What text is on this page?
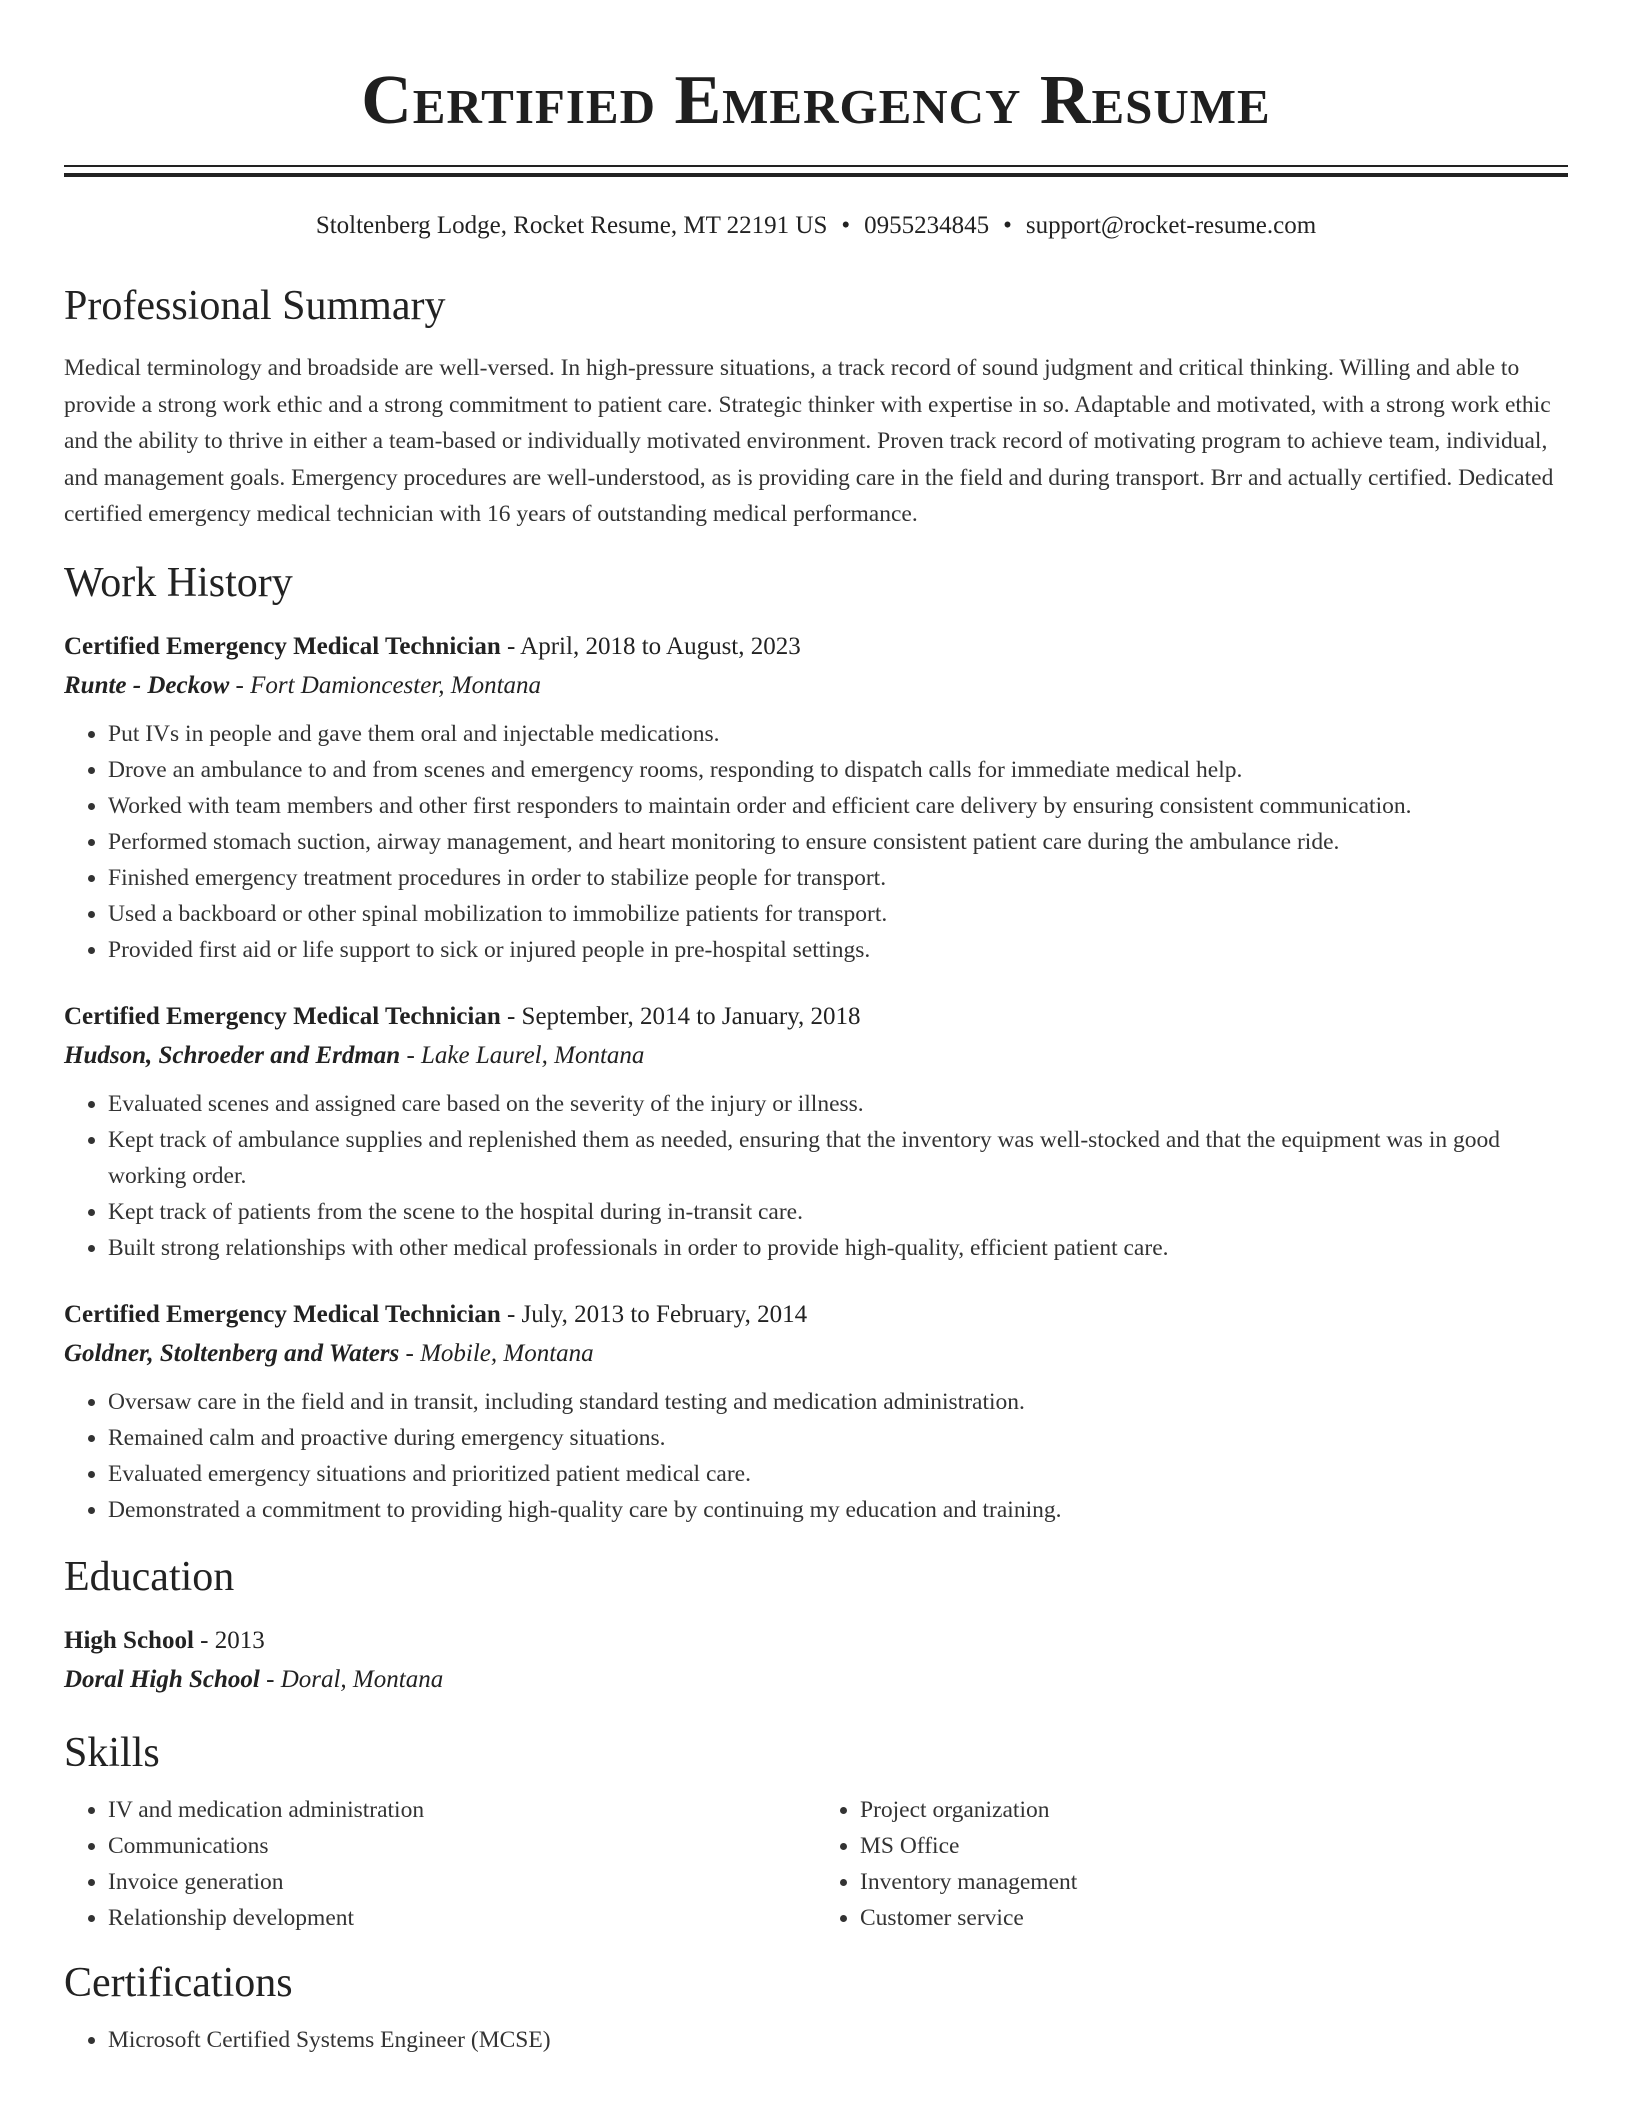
Certified Emergency Resume
Stoltenberg Lodge, Rocket Resume, MT 22191 US • 0955234845 • support@rocket-resume.com
Professional Summary
Medical terminology and broadside are well-versed. In high-pressure situations, a track record of sound judgment and critical thinking. Willing and able to provide a strong work ethic and a strong commitment to patient care. Strategic thinker with expertise in so. Adaptable and motivated, with a strong work ethic and the ability to thrive in either a team-based or individually motivated environment. Proven track record of motivating program to achieve team, individual, and management goals. Emergency procedures are well-understood, as is providing care in the field and during transport. Brr and actually certified. Dedicated certified emergency medical technician with 16 years of outstanding medical performance.
Work History
Certified Emergency Medical Technician - April, 2018 to August, 2023
Runte - Deckow - Fort Damioncester, Montana
• Put IVs in people and gave them oral and injectable medications.
• Drove an ambulance to and from scenes and emergency rooms, responding to dispatch calls for immediate medical help.
• Worked with team members and other first responders to maintain order and efficient care delivery by ensuring consistent communication.
• Performed stomach suction, airway management, and heart monitoring to ensure consistent patient care during the ambulance ride.
• Finished emergency treatment procedures in order to stabilize people for transport.
• Used a backboard or other spinal mobilization to immobilize patients for transport.
• Provided first aid or life support to sick or injured people in pre-hospital settings.
Certified Emergency Medical Technician - September, 2014 to January, 2018
Hudson, Schroeder and Erdman - Lake Laurel, Montana
• Evaluated scenes and assigned care based on the severity of the injury or illness.
• Kept track of ambulance supplies and replenished them as needed, ensuring that the inventory was well-stocked and that the equipment was in good working order.
• Kept track of patients from the scene to the hospital during in-transit care.
• Built strong relationships with other medical professionals in order to provide high-quality, efficient patient care.
Certified Emergency Medical Technician - July, 2013 to February, 2014
Goldner, Stoltenberg and Waters - Mobile, Montana
• Oversaw care in the field and in transit, including standard testing and medication administration.
• Remained calm and proactive during emergency situations.
• Evaluated emergency situations and prioritized patient medical care.
• Demonstrated a commitment to providing high-quality care by continuing my education and training.
Education
High School - 2013
Doral High School - Doral, Montana
Skills
• IV and medication administration
• Communications
• Invoice generation
• Relationship development
• Project organization
• MS Office
• Inventory management
• Customer service
Certifications
• Microsoft Certified Systems Engineer (MCSE)
